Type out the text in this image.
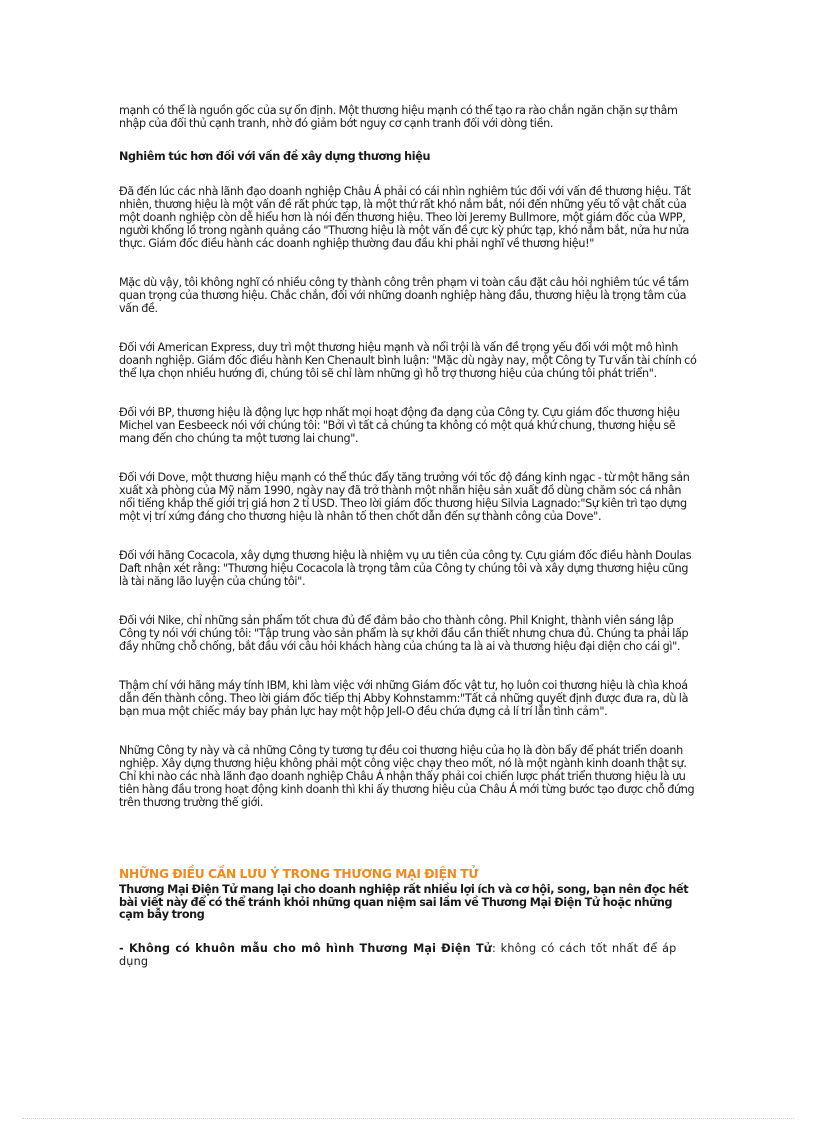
mạnh có thể là nguồn gốc của sự ổn định. Một thương hiệu mạnh có thể tạo ra rào chắn ngăn chặn sự thâm nhập của đối thủ cạnh tranh, nhờ đó giảm bớt nguy cơ cạnh tranh đối với dòng tiền.

Nghiêm túc hơn đối với vấn đề xây dựng thương hiệu

Đã đến lúc các nhà lãnh đạo doanh nghiệp Châu Á phải có cái nhìn nghiêm túc đối với vấn đề thương hiệu. Tất nhiên, thương hiệu là một vấn đề rất phức tạp, là một thứ rất khó nắm bắt, nói đến những yếu tố vật chất của một doanh nghiệp còn dễ hiểu hơn là nói đến thương hiệu. Theo lời Jeremy Bullmore, một giám đốc của WPP, người khổng lồ trong ngành quảng cáo "Thương hiệu là một vấn đề cực kỳ phức tạp, khó nắm bắt, nửa hư nửa thực. Giám đốc điều hành các doanh nghiệp thường đau đầu khi phải nghĩ về thương hiệu!"

Mặc dù vậy, tôi không nghĩ có nhiều công ty thành công trên phạm vi toàn cầu đặt câu hỏi nghiêm túc về tầm quan trọng của thương hiệu. Chắc chắn, đối với những doanh nghiệp hàng đầu, thương hiệu là trọng tâm của vấn đề.

Đối với American Express, duy trì một thương hiệu mạnh và nổi trội là vấn đề trọng yếu đối với một mô hình doanh nghiệp. Giám đốc điều hành Ken Chenault bình luận: "Mặc dù ngày nay, một Công ty Tư vấn tài chính có thể lựa chọn nhiều hướng đi, chúng tôi sẽ chỉ làm những gì hỗ trợ thương hiệu của chúng tôi phát triển".

Đối với BP, thương hiệu là động lực hợp nhất mọi hoạt động đa dạng của Công ty. Cựu giám đốc thương hiệu Michel van Eesbeeck nói với chúng tôi: "Bởi vì tất cả chúng ta không có một quá khứ chung, thương hiệu sẽ mang đến cho chúng ta một tương lai chung".

Đối với Dove, một thương hiệu mạnh có thể thúc đẩy tăng trưởng với tốc độ đáng kinh ngạc - từ một hãng sản xuất xà phòng của Mỹ năm 1990, ngày nay đã trở thành một nhãn hiệu sản xuất đồ dùng chăm sóc cá nhân nổi tiếng khắp thế giới trị giá hơn 2 tỉ USD. Theo lời giám đốc thương hiệu Silvia Lagnado:"Sự kiên trì tạo dựng một vị trí xứng đáng cho thương hiệu là nhân tố then chốt dẫn đến sự thành công của Dove".

Đối với hãng Cocacola, xây dựng thương hiệu là nhiệm vụ ưu tiên của công ty. Cựu giám đốc điều hành Doulas Daft nhận xét rằng: "Thương hiệu Cocacola là trọng tâm của Công ty chúng tôi và xây dựng thương hiệu cũng là tài năng lão luyện của chúng tôi".

Đối với Nike, chỉ những sản phẩm tốt chưa đủ để đảm bảo cho thành công. Phil Knight, thành viên sáng lập Công ty nói với chúng tôi: "Tập trung vào sản phẩm là sự khởi đầu cần thiết nhưng chưa đủ. Chúng ta phải lấp đầy những chỗ chống, bắt đầu với câu hỏi khách hàng của chúng ta là ai và thương hiệu đại diện cho cái gì".

Thậm chí với hãng máy tính IBM, khi làm việc với những Giám đốc vật tư, họ luôn coi thương hiệu là chìa khoá dẫn đến thành công. Theo lời giám đốc tiếp thị Abby Kohnstamm:"Tất cả những quyết định được đưa ra, dù là bạn mua một chiếc máy bay phản lực hay một hộp Jell-O đều chứa đựng cả lí trí lẫn tình cảm".

Những Công ty này và cả những Công ty tương tự đều coi thương hiệu của họ là đòn bẩy để phát triển doanh nghiệp. Xây dựng thương hiệu không phải một công việc chạy theo mốt, nó là một ngành kinh doanh thật sự. Chỉ khi nào các nhà lãnh đạo doanh nghiệp Châu Á nhận thấy phải coi chiến lược phát triển thương hiệu là ưu tiên hàng đầu trong hoạt động kinh doanh thì khi ấy thương hiệu của Châu Á mới từng bước tạo được chỗ đứng trên thương trường thế giới.

NHỮNG ĐIỀU CẦN LƯU Ý TRONG THƯƠNG MẠI ĐIỆN TỬ

Thương Mại Điện Tử mang lại cho doanh nghiệp rất nhiều lợi ích và cơ hội, song, bạn nên đọc hết bài viết này để có thể tránh khỏi những quan niệm sai lầm về Thương Mại Điện Tử hoặc những cạm bẫy trong

- Không có khuôn mẫu cho mô hình Thương Mại Điện Tử: không có cách tốt nhất để áp dụng
